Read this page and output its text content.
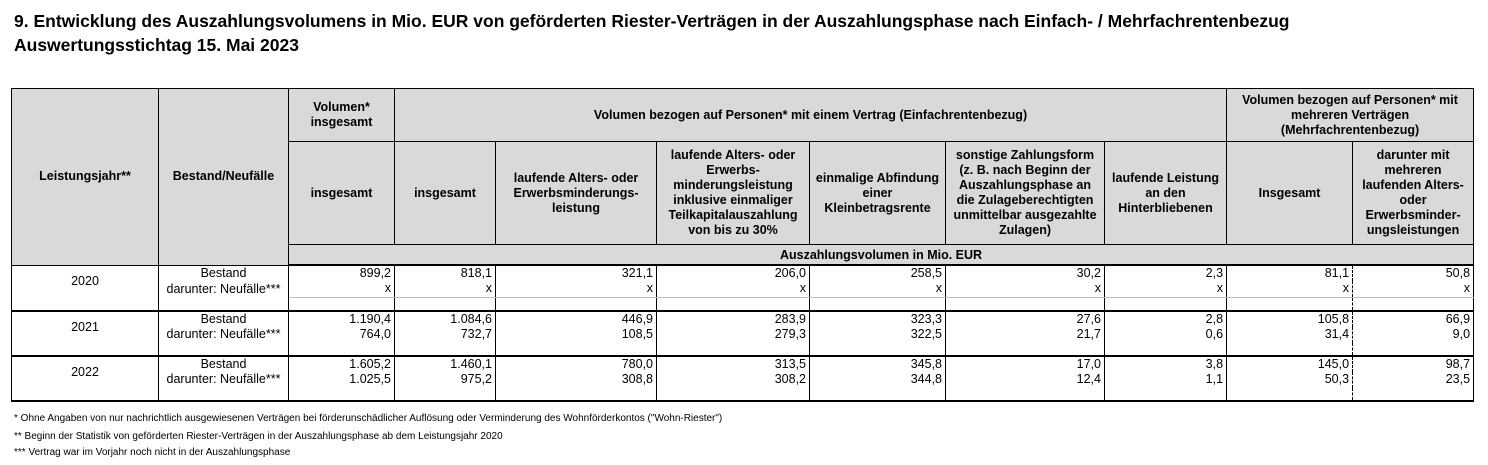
9. Entwicklung des Auszahlungsvolumens in Mio. EUR von geförderten Riester-Verträgen in der Auszahlungsphase nach Einfach- / Mehrfachrentenbezug
Auswertungsstichtag 15. Mai 2023
Leistungsjahr**	Bestand/Neufälle	Volumen* insgesamt	Volumen bezogen auf Personen* mit einem Vertrag (Einfachrentenbezug)						Volumen bezogen auf Personen* mit mehreren Verträgen (Mehrfachrentenbezug)	
		insgesamt	insgesamt	laufende Alters- oder Erwerbsminderungs-leistung	laufende Alters- oder Erwerbs-minderungsleistung inklusive einmaliger Teilkapitalauszahlung von bis zu 30%	einmalige Abfindung einer Kleinbetragsrente	sonstige Zahlungsform (z. B. nach Beginn der Auszahlungsphase an die Zulageberechtigten unmittelbar ausgezahlte Zulagen)	laufende Leistung an den Hinterbliebenen	Insgesamt	darunter mit mehreren laufenden Alters- oder Erwerbsminder-ungsleistungen
		Auszahlungsvolumen in Mio. EUR								
2020	Bestand	899,2	818,1	321,1	206,0	258,5	30,2	2,3	81,1	50,8
	darunter: Neufälle***	x	x	x	x	x	x	x	x	x

2021	Bestand	1.190,4	1.084,6	446,9	283,9	323,3	27,6	2,8	105,8	66,9
	darunter: Neufälle***	764,0	732,7	108,5	279,3	322,5	21,7	0,6	31,4	9,0

2022	Bestand	1.605,2	1.460,1	780,0	313,5	345,8	17,0	3,8	145,0	98,7
	darunter: Neufälle***	1.025,5	975,2	308,8	308,2	344,8	12,4	1,1	50,3	23,5

* Ohne Angaben von nur nachrichtlich ausgewiesenen Verträgen bei förderunschädlicher Auflösung oder Verminderung des Wohnförderkontos ("Wohn-Riester")
** Beginn der Statistik von geförderten Riester-Verträgen in der Auszahlungsphase ab dem Leistungsjahr 2020
*** Vertrag war im Vorjahr noch nicht in der Auszahlungsphase
